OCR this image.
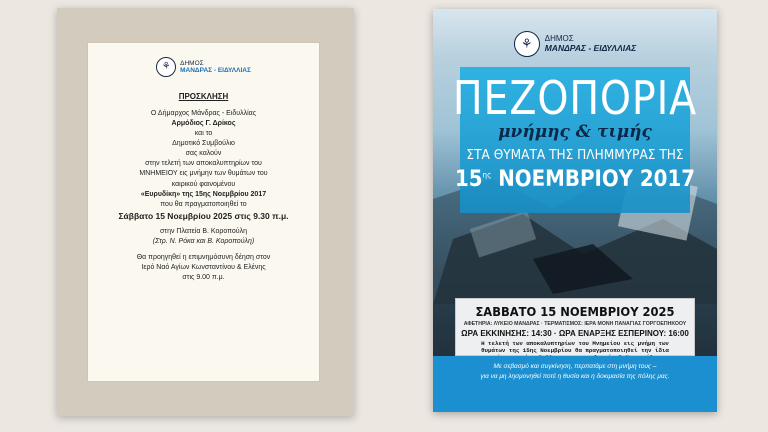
⚘ ΔΗΜΟΣ
ΜΑΝΔΡΑΣ - ΕΙΔΥΛΛΙΑΣ
ΠΡΟΣΚΛΗΣΗ
Ο Δήμαρχος Μάνδρας - Ειδυλλίας
Αρμόδιος Γ. Δρίκος
και το
Δημοτικό Συμβούλιο
σας καλούν
στην τελετή των αποκαλυπτηρίων του
ΜΝΗΜΕΙΟΥ εις μνήμην των θυμάτων του
καιρικού φαινομένου
«Ευρυδίκη» της 15ης Νοεμβρίου 2017
που θα πραγματοποιηθεί το
Σάββατο 15 Νοεμβρίου 2025 στις 9.30 π.μ.
στην Πλατεία Β. Κοροπούλη
(Στρ. Ν. Ρόκα και Β. Κοροπούλη)
Θα προηγηθεί η επιμνημόσυνη δέηση στον
Ιερό Ναό Αγίων Κωνσταντίνου & Ελένης
στις 9.00 π.μ.
⚘ ΔΗΜΟΣ
ΜΑΝΔΡΑΣ - ΕΙΔΥΛΛΙΑΣ
ΠΕΖΟΠΟΡΙΑ
μνήμης & τιμής
ΣΤΑ ΘΥΜΑΤΑ ΤΗΣ ΠΛΗΜΜΥΡΑΣ ΤΗΣ
$15^{\eta\varsigma}$ ΝΟΕΜΒΡΙΟΥ 2017
ΣΑΒΒΑΤΟ 15 ΝΟΕΜΒΡΙΟΥ 2025
ΑΦΕΤΗΡΙΑ: ΛΥΚΕΙΟ ΜΑΝΔΡΑΣ · ΤΕΡΜΑΤΙΣΜΟΣ: ΙΕΡΑ ΜΟΝΗ ΠΑΝΑΓΙΑΣ ΓΟΡΓΟΕΠΗΚΟΟΥ
ΩΡΑ ΕΚΚΙΝΗΣΗΣ: 14:30 · ΩΡΑ ΕΝΑΡΞΗΣ ΕΣΠΕΡΙΝΟΥ: 16:00
Η τελετή των αποκαλυπτηρίων του Μνημείου εις μνήμη των
θυμάτων της 15ης Νοεμβρίου θα πραγματοποιηθεί την ίδια
Με σεβασμό και συγκίνηση, περπατάμε στη μνήμη τους –
για να μη λησμονηθεί ποτέ η θυσία και η δοκιμασία της πόλης μας.
